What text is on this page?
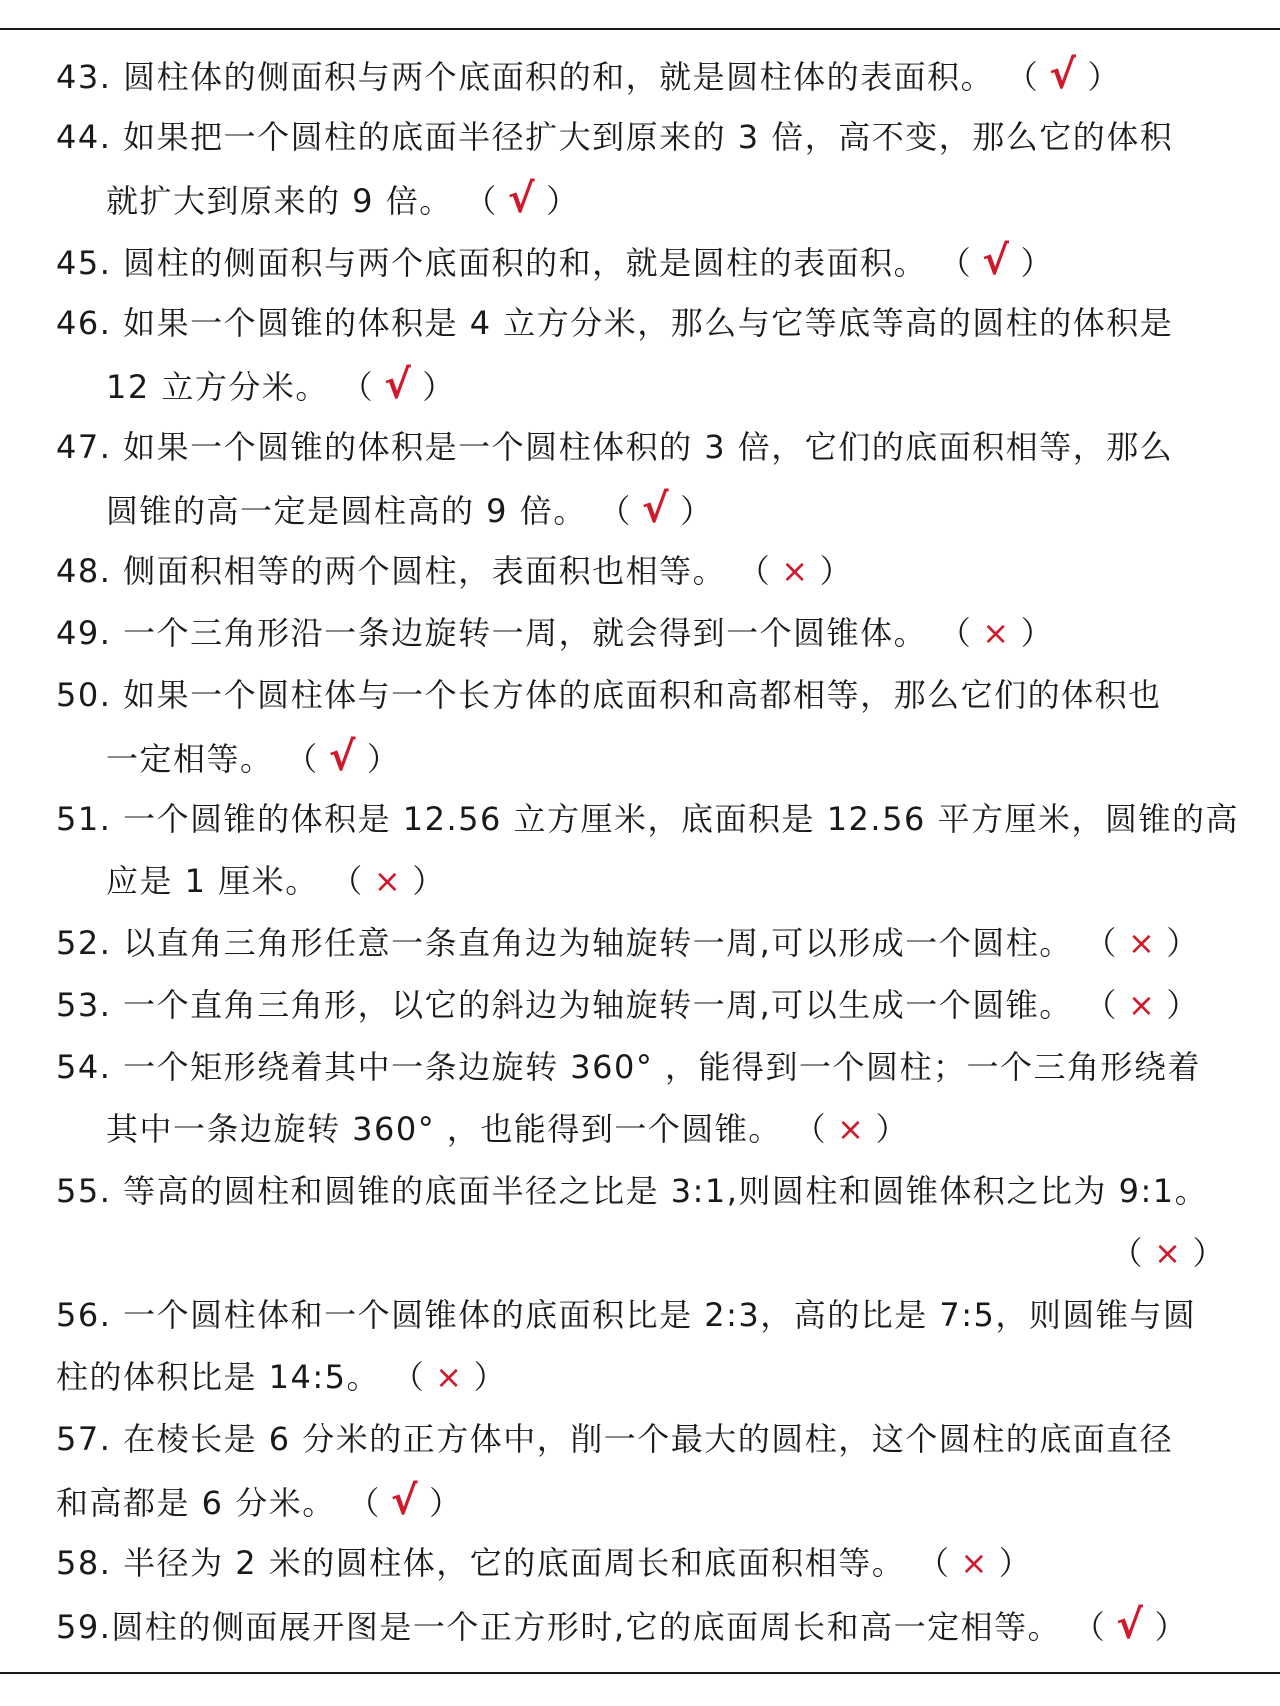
43. 圆柱体的侧面积与两个底面积的和，就是圆柱体的表面积。 （ √ ）
44. 如果把一个圆柱的底面半径扩大到原来的 3 倍，高不变，那么它的体积
就扩大到原来的 9 倍。 （ √ ）
45. 圆柱的侧面积与两个底面积的和，就是圆柱的表面积。 （ √ ）
46. 如果一个圆锥的体积是 4 立方分米，那么与它等底等高的圆柱的体积是
12 立方分米。 （ √ ）
47. 如果一个圆锥的体积是一个圆柱体积的 3 倍，它们的底面积相等，那么
圆锥的高一定是圆柱高的 9 倍。 （ √ ）
48. 侧面积相等的两个圆柱，表面积也相等。 （ × ）
49. 一个三角形沿一条边旋转一周，就会得到一个圆锥体。 （ × ）
50. 如果一个圆柱体与一个长方体的底面积和高都相等，那么它们的体积也
一定相等。 （ √ ）
51. 一个圆锥的体积是 12.56 立方厘米，底面积是 12.56 平方厘米，圆锥的高
应是 1 厘米。 （ × ）
52. 以直角三角形任意一条直角边为轴旋转一周,可以形成一个圆柱。 （ × ）
53. 一个直角三角形，以它的斜边为轴旋转一周,可以生成一个圆锥。 （ × ）
54. 一个矩形绕着其中一条边旋转 360° ，能得到一个圆柱；一个三角形绕着
其中一条边旋转 360° ，也能得到一个圆锥。 （ × ）
55. 等高的圆柱和圆锥的底面半径之比是 3:1,则圆柱和圆锥体积之比为 9:1。
（ × ）
56. 一个圆柱体和一个圆锥体的底面积比是 2:3，高的比是 7:5，则圆锥与圆
柱的体积比是 14:5。 （ × ）
57. 在棱长是 6 分米的正方体中，削一个最大的圆柱，这个圆柱的底面直径
和高都是 6 分米。 （ √ ）
58. 半径为 2 米的圆柱体，它的底面周长和底面积相等。 （ × ）
59.圆柱的侧面展开图是一个正方形时,它的底面周长和高一定相等。 （ √ ）
